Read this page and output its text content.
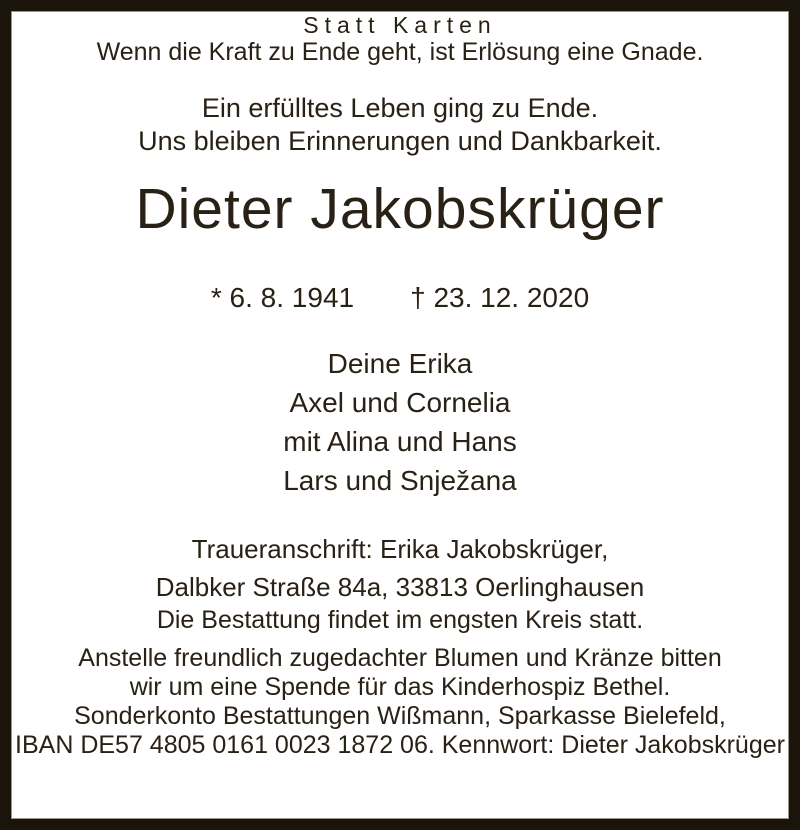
Statt Karten

Wenn die Kraft zu Ende geht, ist Erlösung eine Gnade.

Ein erfülltes Leben ging zu Ende.

Uns bleiben Erinnerungen und Dankbarkeit.

Dieter Jakobskrüger
* 6. 8. 1941 † 23. 12. 2020

Deine Erika

Axel und Cornelia

mit Alina und Hans

Lars und Snježana

Traueranschrift: Erika Jakobskrüger,

Dalbker Straße 84a, 33813 Oerlinghausen

Die Bestattung findet im engsten Kreis statt.

Anstelle freundlich zugedachter Blumen und Kränze bitten

wir um eine Spende für das Kinderhospiz Bethel.

Sonderkonto Bestattungen Wißmann, Sparkasse Bielefeld,

IBAN DE57 4805 0161 0023 1872 06. Kennwort: Dieter Jakobskrüger
